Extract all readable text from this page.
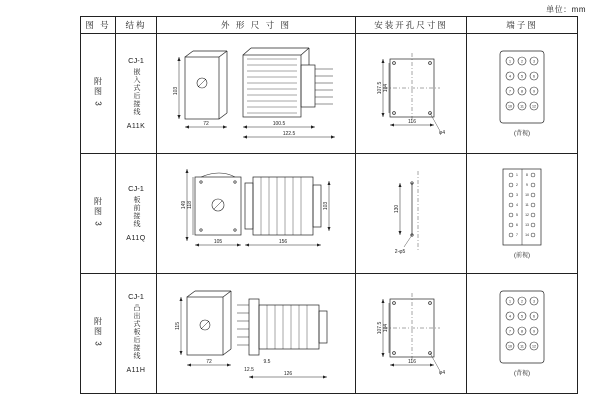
单位：mm
图 号	结构	外 形 尺 寸 图	安装开孔尺寸图	端子图
附图 3	
CJ-1
嵌入式后接线
A11K

103
72	100.5
122.5

107.5 104
116
φ4

1	2	3
4	5	6
7	8	9
10 11 12
(背视)

附图 3	
CJ-1
板前接线
A11Q

149 118
105	156
103	130
2-φ5

1 8
2 9
3 10
4 11
5 12
6 13
7 14
(前视)

附图 3	
CJ-1
凸出式板后接线
A11H

115
72	9.5
12.5
126

107.5 104
116
φ4

1	2	3
4	5	6
7	8	9
10 11 12
(背视)
